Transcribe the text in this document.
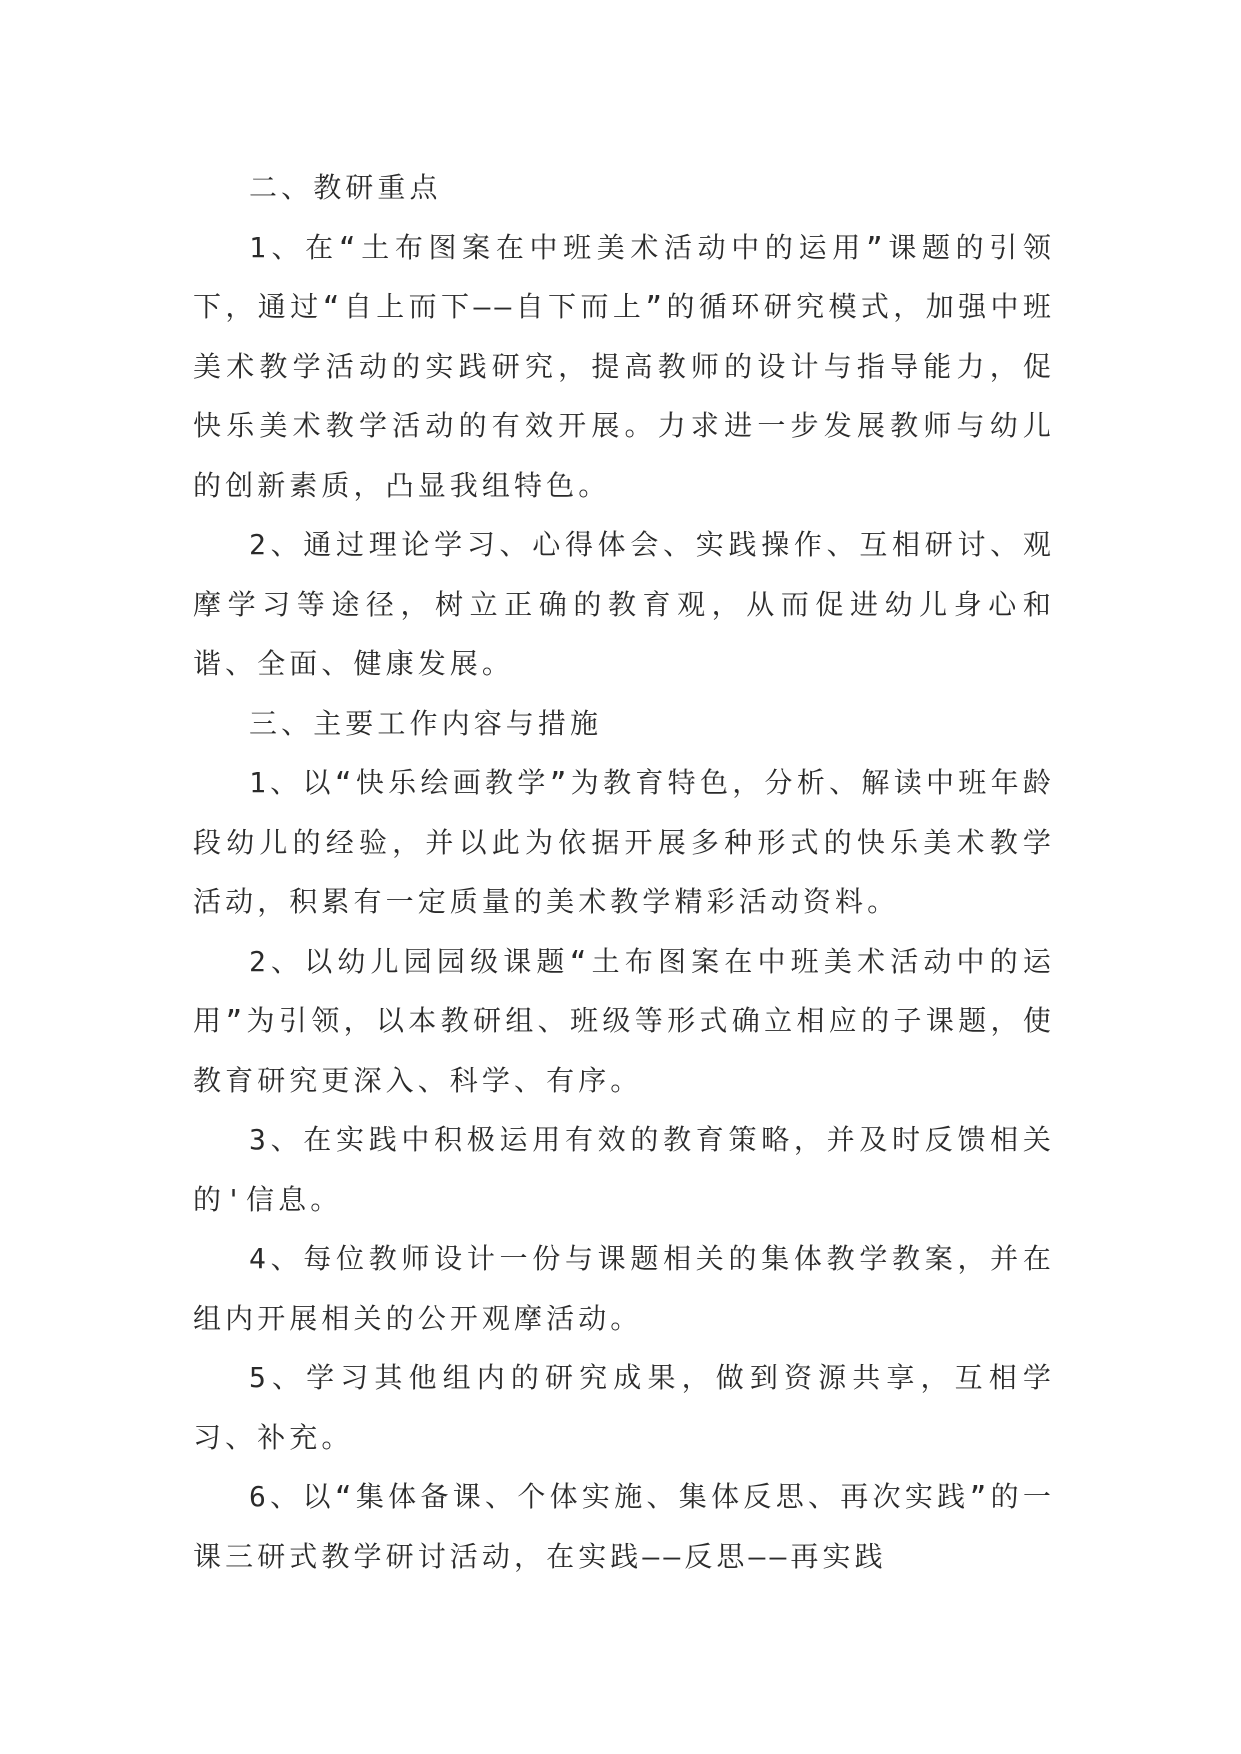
二、教研重点

1、在“土布图案在中班美术活动中的运用”课题的引领下，通过“自上而下——自下而上”的循环研究模式，加强中班美术教学活动的实践研究，提高教师的设计与指导能力，促快乐美术教学活动的有效开展。力求进一步发展教师与幼儿的创新素质，凸显我组特色。

2、通过理论学习、心得体会、实践操作、互相研讨、观摩学习等途径，树立正确的教育观，从而促进幼儿身心和谐、全面、健康发展。

三、主要工作内容与措施

1、以“快乐绘画教学”为教育特色，分析、解读中班年龄段幼儿的经验，并以此为依据开展多种形式的快乐美术教学活动，积累有一定质量的美术教学精彩活动资料。

2、以幼儿园园级课题“土布图案在中班美术活动中的运用”为引领，以本教研组、班级等形式确立相应的子课题，使教育研究更深入、科学、有序。

3、在实践中积极运用有效的教育策略，并及时反馈相关的'信息。

4、每位教师设计一份与课题相关的集体教学教案，并在组内开展相关的公开观摩活动。

5、学习其他组内的研究成果，做到资源共享，互相学习、补充。

6、以“集体备课、个体实施、集体反思、再次实践”的一课三研式教学研讨活动，在实践——反思——再实践
